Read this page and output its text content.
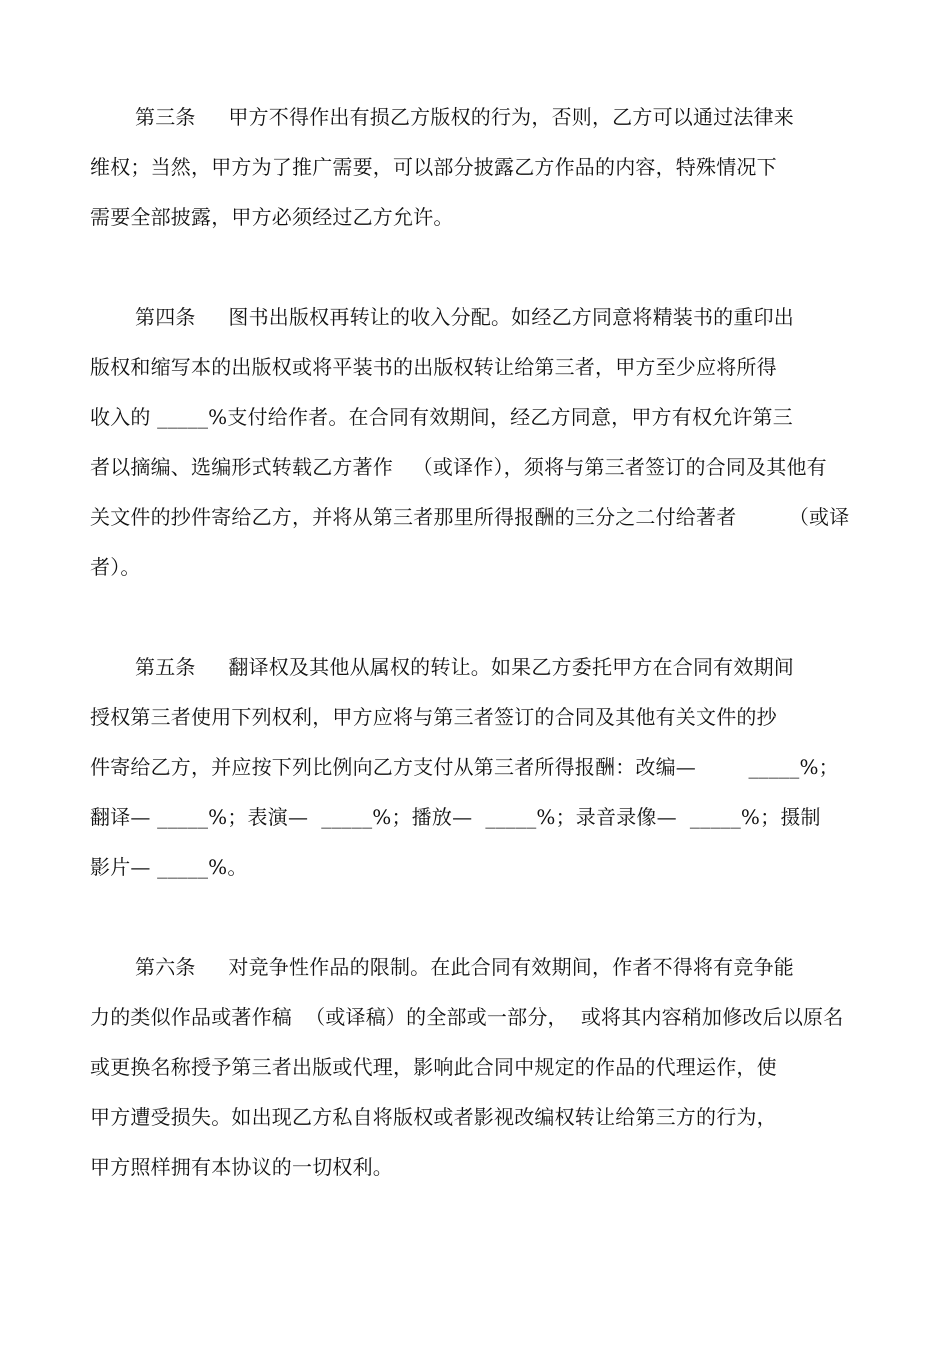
第三条     甲方不得作出有损乙方版权的行为，否则，乙方可以通过法律来
维权；当然，甲方为了推广需要，可以部分披露乙方作品的内容，特殊情况下
需要全部披露，甲方必须经过乙方允许。
第四条     图书出版权再转让的收入分配。如经乙方同意将精装书的重印出
版权和缩写本的出版权或将平装书的出版权转让给第三者，甲方至少应将所得
收入的 _____%支付给作者。在合同有效期间，经乙方同意，甲方有权允许第三
者以摘编、选编形式转载乙方著作   （或译作），须将与第三者签订的合同及其他有
关文件的抄件寄给乙方，并将从第三者那里所得报酬的三分之二付给著者        （或译
者）。
第五条     翻译权及其他从属权的转让。如果乙方委托甲方在合同有效期间
授权第三者使用下列权利，甲方应将与第三者签订的合同及其他有关文件的抄
件寄给乙方，并应按下列比例向乙方支付从第三者所得报酬：改编—        _____%；
翻译— _____%；表演—  _____%；播放—  _____%；录音录像—  _____%；摄制
影片— _____%。
第六条     对竞争性作品的限制。在此合同有效期间，作者不得将有竞争能
力的类似作品或著作稿  （或译稿）的全部或一部分，  或将其内容稍加修改后以原名
或更换名称授予第三者出版或代理，影响此合同中规定的作品的代理运作，使
甲方遭受损失。如出现乙方私自将版权或者影视改编权转让给第三方的行为，
甲方照样拥有本协议的一切权利。
